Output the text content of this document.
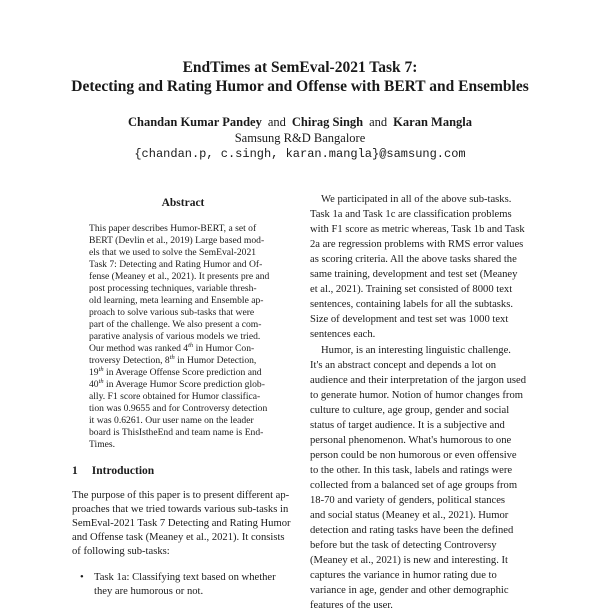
EndTimes at SemEval-2021 Task 7:
Detecting and Rating Humor and Offense with BERT and Ensembles
Chandan Kumar Pandey and Chirag Singh and Karan Mangla
Samsung R&D Bangalore
{chandan.p, c.singh, karan.mangla}@samsung.com
Abstract
This paper describes Humor-BERT, a set of
BERT (Devlin et al., 2019) Large based mod-
els that we used to solve the SemEval-2021
Task 7: Detecting and Rating Humor and Of-
fense (Meaney et al., 2021). It presents pre and
post processing techniques, variable thresh-
old learning, meta learning and Ensemble ap-
proach to solve various sub-tasks that were
part of the challenge. We also present a com-
parative analysis of various models we tried.
Our method was ranked 4th in Humor Con-
troversy Detection, 8th in Humor Detection,
19th in Average Offense Score prediction and
40th in Average Humor Score prediction glob-
ally. F1 score obtained for Humor classifica-
tion was 0.9655 and for Controversy detection
it was 0.6261. Our user name on the leader
board is ThisIstheEnd and team name is End-
Times.
1 Introduction
The purpose of this paper is to present different ap-
proaches that we tried towards various sub-tasks in
SemEval-2021 Task 7 Detecting and Rating Humor
and Offense task (Meaney et al., 2021). It consists
of following sub-tasks:
• Task 1a: Classifying text based on whether
they are humorous or not.
We participated in all of the above sub-tasks.
Task 1a and Task 1c are classification problems
with F1 score as metric whereas, Task 1b and Task
2a are regression problems with RMS error values
as scoring criteria. All the above tasks shared the
same training, development and test set (Meaney
et al., 2021). Training set consisted of 8000 text
sentences, containing labels for all the subtasks.
Size of development and test set was 1000 text
sentences each.
Humor, is an interesting linguistic challenge.
It's an abstract concept and depends a lot on
audience and their interpretation of the jargon used
to generate humor. Notion of humor changes from
culture to culture, age group, gender and social
status of target audience. It is a subjective and
personal phenomenon. What's humorous to one
person could be non humorous or even offensive
to the other. In this task, labels and ratings were
collected from a balanced set of age groups from
18-70 and variety of genders, political stances
and social status (Meaney et al., 2021). Humor
detection and rating tasks have been the defined
before but the task of detecting Controversy
(Meaney et al., 2021) is new and interesting. It
captures the variance in humor rating due to
variance in age, gender and other demographic
features of the user.
